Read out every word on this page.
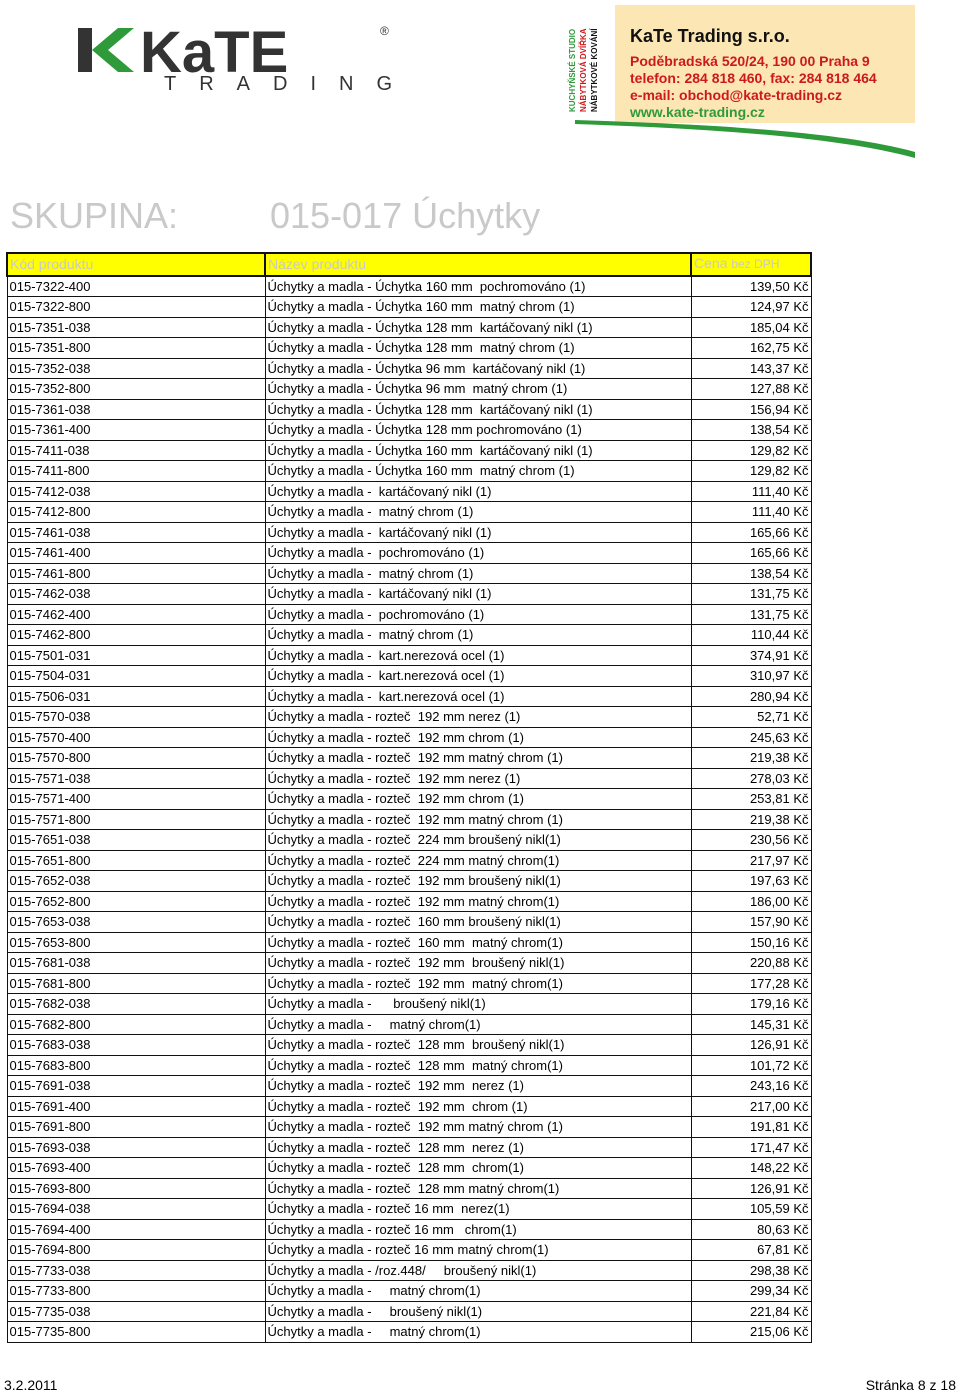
KaTE	®
TRADING	KUCHYŇSKÉ STUDIO NÁBYTKOVÁ DVÍŘKA NÁBYTKOVÉ KOVÁNÍ KaTe Trading s.r.o.
Poděbradská 520/24, 190 00 Praha 9
telefon: 284 818 460, fax: 284 818 464
e-mail: obchod@kate-trading.cz
www.kate-trading.cz
SKUPINA:	015-017 Úchytky
Kód produktu	Název produktu	Cena bez DPH
015-7322-400	Úchytky a madla - Úchytka 160 mm  pochromováno (1)	139,50 Kč
015-7322-800	Úchytky a madla - Úchytka 160 mm  matný chrom (1)	124,97 Kč
015-7351-038	Úchytky a madla - Úchytka 128 mm  kartáčovaný nikl (1)	185,04 Kč
015-7351-800	Úchytky a madla - Úchytka 128 mm  matný chrom (1)	162,75 Kč
015-7352-038	Úchytky a madla - Úchytka 96 mm  kartáčovaný nikl (1)	143,37 Kč
015-7352-800	Úchytky a madla - Úchytka 96 mm  matný chrom (1)	127,88 Kč
015-7361-038	Úchytky a madla - Úchytka 128 mm  kartáčovaný nikl (1)	156,94 Kč
015-7361-400	Úchytky a madla - Úchytka 128 mm pochromováno (1)	138,54 Kč
015-7411-038	Úchytky a madla - Úchytka 160 mm  kartáčovaný nikl (1)	129,82 Kč
015-7411-800	Úchytky a madla - Úchytka 160 mm  matný chrom (1)	129,82 Kč
015-7412-038	Úchytky a madla -  kartáčovaný nikl (1)	111,40 Kč
015-7412-800	Úchytky a madla -  matný chrom (1)	111,40 Kč
015-7461-038	Úchytky a madla -  kartáčovaný nikl (1)	165,66 Kč
015-7461-400	Úchytky a madla -  pochromováno (1)	165,66 Kč
015-7461-800	Úchytky a madla -  matný chrom (1)	138,54 Kč
015-7462-038	Úchytky a madla -  kartáčovaný nikl (1)	131,75 Kč
015-7462-400	Úchytky a madla -  pochromováno (1)	131,75 Kč
015-7462-800	Úchytky a madla -  matný chrom (1)	110,44 Kč
015-7501-031	Úchytky a madla -  kart.nerezová ocel (1)	374,91 Kč
015-7504-031	Úchytky a madla -  kart.nerezová ocel (1)	310,97 Kč
015-7506-031	Úchytky a madla -  kart.nerezová ocel (1)	280,94 Kč
015-7570-038	Úchytky a madla - rozteč  192 mm nerez (1)	52,71 Kč
015-7570-400	Úchytky a madla - rozteč  192 mm chrom (1)	245,63 Kč
015-7570-800	Úchytky a madla - rozteč  192 mm matný chrom (1)	219,38 Kč
015-7571-038	Úchytky a madla - rozteč  192 mm nerez (1)	278,03 Kč
015-7571-400	Úchytky a madla - rozteč  192 mm chrom (1)	253,81 Kč
015-7571-800	Úchytky a madla - rozteč  192 mm matný chrom (1)	219,38 Kč
015-7651-038	Úchytky a madla - rozteč  224 mm broušený nikl(1)	230,56 Kč
015-7651-800	Úchytky a madla - rozteč  224 mm matný chrom(1)	217,97 Kč
015-7652-038	Úchytky a madla - rozteč  192 mm broušený nikl(1)	197,63 Kč
015-7652-800	Úchytky a madla - rozteč  192 mm matný chrom(1)	186,00 Kč
015-7653-038	Úchytky a madla - rozteč  160 mm broušený nikl(1)	157,90 Kč
015-7653-800	Úchytky a madla - rozteč  160 mm  matný chrom(1)	150,16 Kč
015-7681-038	Úchytky a madla - rozteč  192 mm  broušený nikl(1)	220,88 Kč
015-7681-800	Úchytky a madla - rozteč  192 mm  matný chrom(1)	177,28 Kč
015-7682-038	Úchytky a madla -      broušený nikl(1)	179,16 Kč
015-7682-800	Úchytky a madla -     matný chrom(1)	145,31 Kč
015-7683-038	Úchytky a madla - rozteč  128 mm  broušený nikl(1)	126,91 Kč
015-7683-800	Úchytky a madla - rozteč  128 mm  matný chrom(1)	101,72 Kč
015-7691-038	Úchytky a madla - rozteč  192 mm  nerez (1)	243,16 Kč
015-7691-400	Úchytky a madla - rozteč  192 mm  chrom (1)	217,00 Kč
015-7691-800	Úchytky a madla - rozteč  192 mm matný chrom (1)	191,81 Kč
015-7693-038	Úchytky a madla - rozteč  128 mm  nerez (1)	171,47 Kč
015-7693-400	Úchytky a madla - rozteč  128 mm  chrom(1)	148,22 Kč
015-7693-800	Úchytky a madla - rozteč  128 mm matný chrom(1)	126,91 Kč
015-7694-038	Úchytky a madla - rozteč 16 mm  nerez(1)	105,59 Kč
015-7694-400	Úchytky a madla - rozteč 16 mm   chrom(1)	80,63 Kč
015-7694-800	Úchytky a madla - rozteč 16 mm matný chrom(1)	67,81 Kč
015-7733-038	Úchytky a madla - /roz.448/     broušený nikl(1)	298,38 Kč
015-7733-800	Úchytky a madla -     matný chrom(1)	299,34 Kč
015-7735-038	Úchytky a madla -     broušený nikl(1)	221,84 Kč
015-7735-800	Úchytky a madla -     matný chrom(1)	215,06 Kč
3.2.2011	Stránka 8 z 18
